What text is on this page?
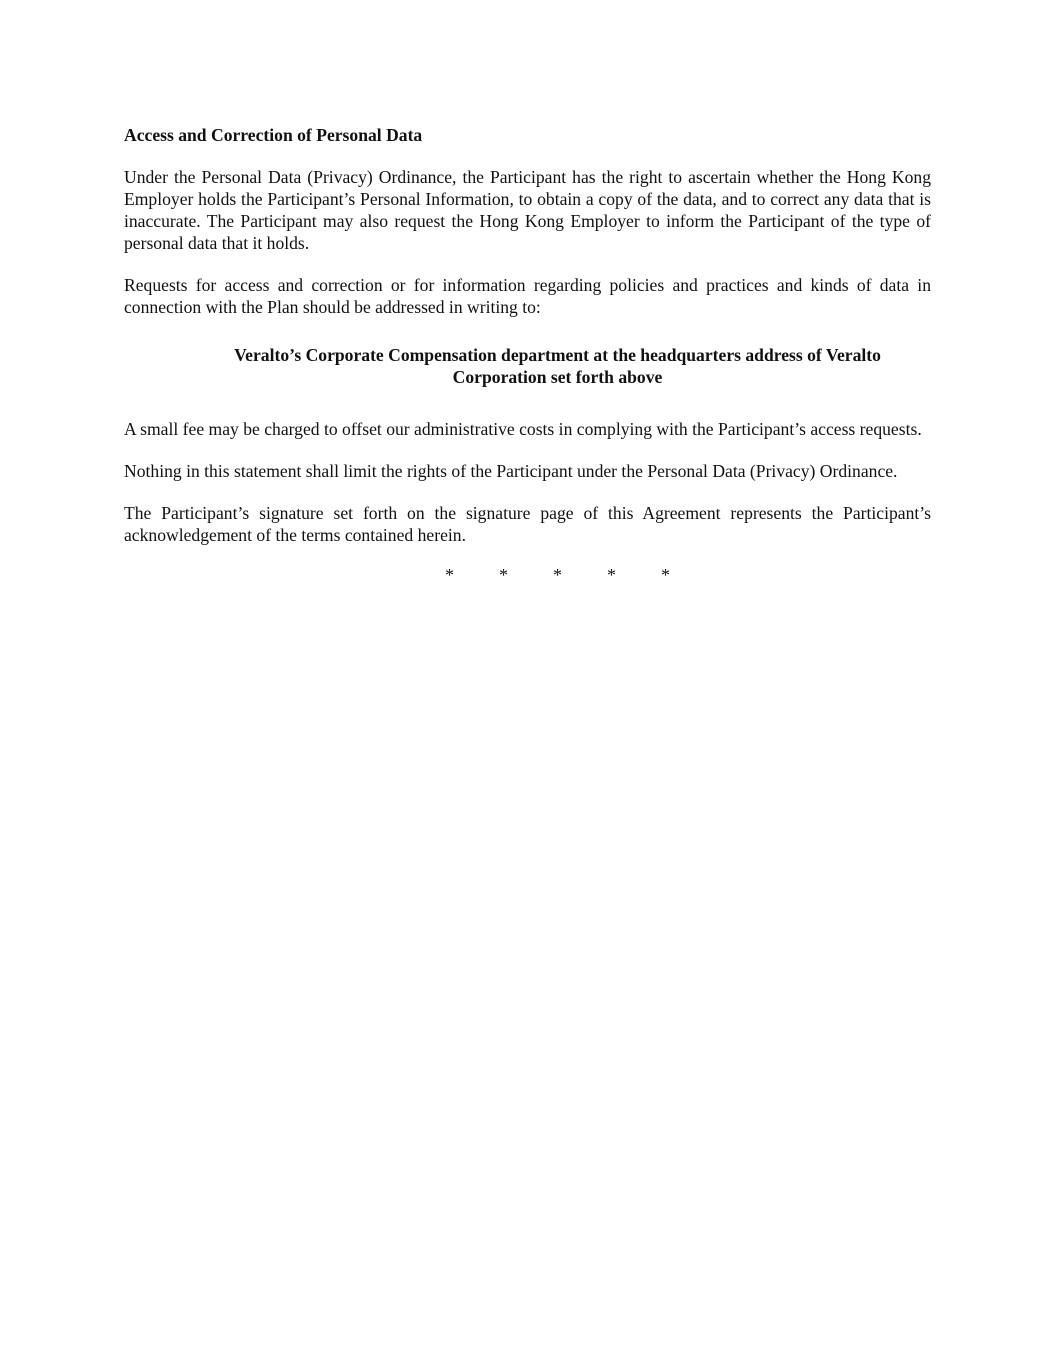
Access and Correction of Personal Data

Under the Personal Data (Privacy) Ordinance, the Participant has the right to ascertain whether the Hong Kong Employer holds the Participant’s Personal Information, to obtain a copy of the data, and to correct any data that is inaccurate. The Participant may also request the Hong Kong Employer to inform the Participant of the type of personal data that it holds.

Requests for access and correction or for information regarding policies and practices and kinds of data in connection with the Plan should be addressed in writing to:

Veralto’s Corporate Compensation department at the headquarters address of Veralto
Corporation set forth above

A small fee may be charged to offset our administrative costs in complying with the Participant’s access requests.

Nothing in this statement shall limit the rights of the Participant under the Personal Data (Privacy) Ordinance.

The Participant’s signature set forth on the signature page of this Agreement represents the Participant’s acknowledgement of the terms contained herein.

*	*	*	*	*
